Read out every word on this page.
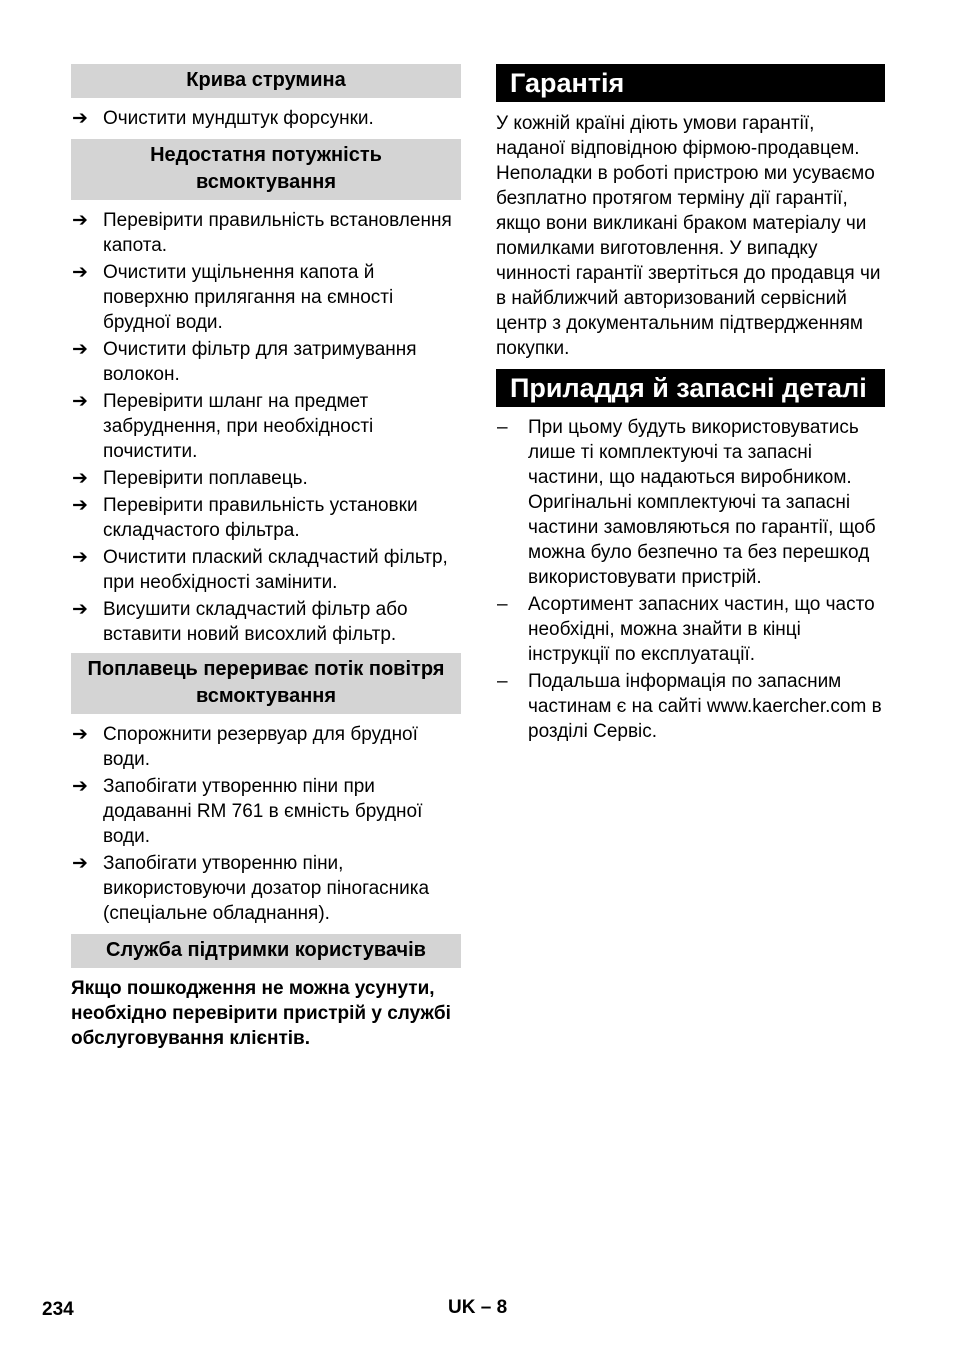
Крива струмина
➔ Очистити мундштук форсунки.
Недостатня потужність всмоктування
➔ Перевірити правильність встановлення капота.
➔ Очистити ущільнення капота й поверхню прилягання на ємності брудної води.
➔ Очистити фільтр для затримування волокон.
➔ Перевірити шланг на предмет забруднення, при необхідності почистити.
➔ Перевірити поплавець.
➔ Перевірити правильність установки складчастого фільтра.
➔ Очистити плаский складчастий фільтр, при необхідності замінити.
➔ Висушити складчастий фільтр або вставити новий висохлий фільтр.
Поплавець перериває потік повітря всмоктування
➔ Спорожнити резервуар для брудної води.
➔ Запобігати утворенню піни при додаванні RM 761 в ємність брудної води.
➔ Запобігати утворенню піни, використовуючи дозатор піногасника (спеціальне обладнання).
Служба підтримки користувачів

Якщо пошкодження не можна усунути, необхідно перевірити пристрій у службі обслуговування клієнтів.

Гарантія

У кожній країні діють умови гарантії, наданої відповідною фірмою-продавцем. Неполадки в роботі пристрою ми усуваємо безплатно протягом терміну дії гарантії, якщо вони викликані браком матеріалу чи помилками виготовлення. У випадку чинності гарантії звертіться до продавця чи в найближчий авторизований сервісний центр з документальним підтвердженням покупки.

Приладдя й запасні деталі
– При цьому будуть використовуватись лише ті комплектуючі та запасні частини, що надаються виробником. Оригінальні комплектуючі та запасні частини замовляються по гарантії, щоб можна було безпечно та без перешкод використовувати пристрій.
– Асортимент запасних частин, що часто необхідні, можна знайти в кінці інструкції по експлуатації.
– Подальша інформація по запасним частинам є на сайті www.kaercher.com в розділі Сервіс.
234	UK – 8
